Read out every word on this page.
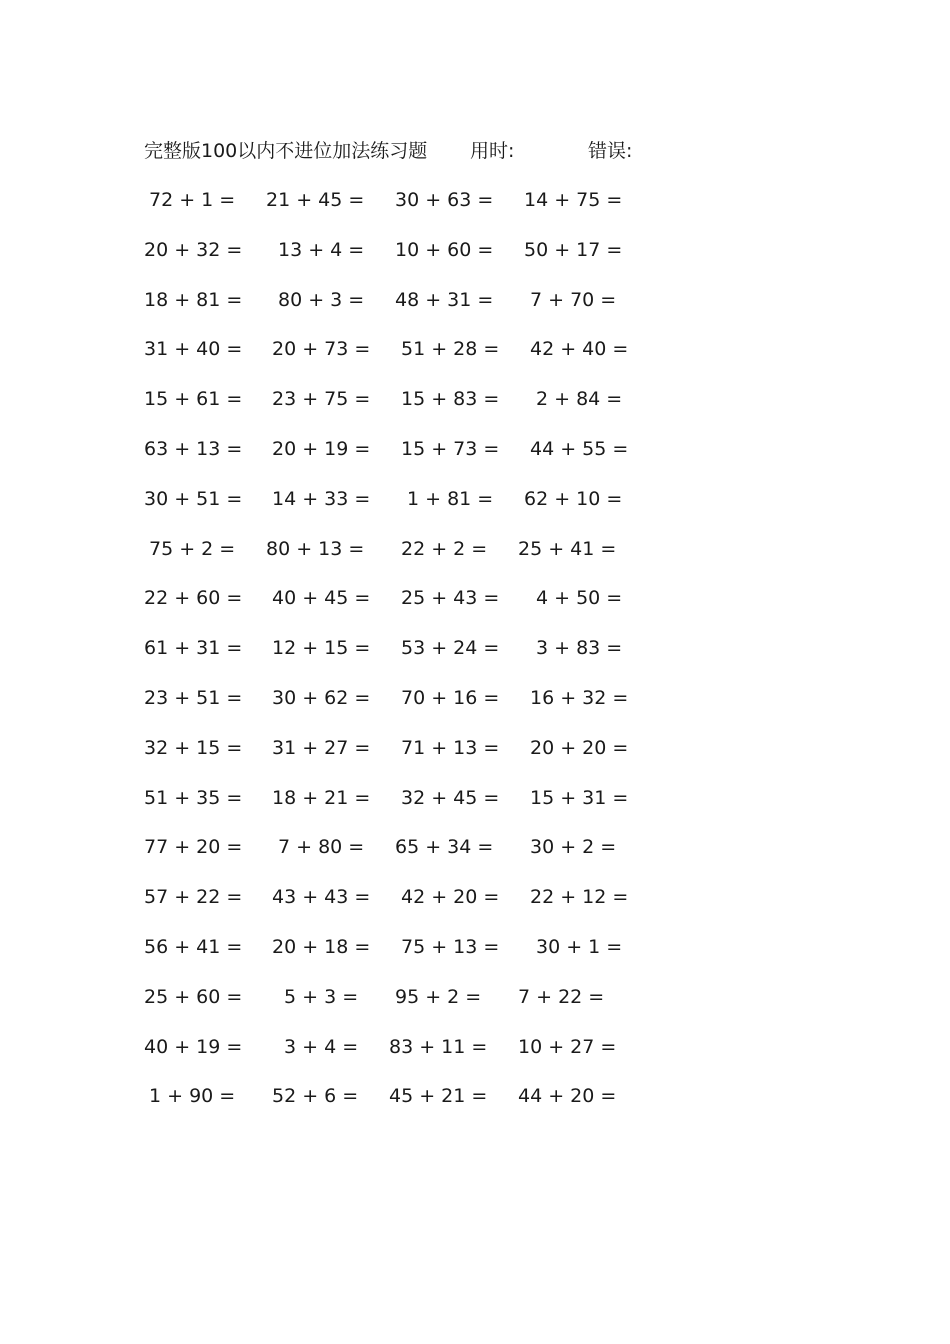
完整版100以内不进位加法练习题 用时:	错误:
72 + 1 =	21 + 45 = 30 + 63 = 14 + 75 =
20 + 32 = 13 + 4 =	10 + 60 = 50 + 17 =
18 + 81 = 80 + 3 =	48 + 31 = 7 + 70 =
31 + 40 = 20 + 73 = 51 + 28 = 42 + 40 =
15 + 61 = 23 + 75 = 15 + 83 = 2 + 84 =
63 + 13 = 20 + 19 = 15 + 73 = 44 + 55 =
30 + 51 = 14 + 33 = 1 + 81 =	62 + 10 =
75 + 2 =	80 + 13 = 22 + 2 =	25 + 41 =
22 + 60 = 40 + 45 = 25 + 43 = 4 + 50 =
61 + 31 = 12 + 15 = 53 + 24 = 3 + 83 =
23 + 51 = 30 + 62 = 70 + 16 = 16 + 32 =
32 + 15 = 31 + 27 = 71 + 13 = 20 + 20 =
51 + 35 = 18 + 21 = 32 + 45 = 15 + 31 =
77 + 20 = 7 + 80 =	65 + 34 = 30 + 2 =
57 + 22 = 43 + 43 = 42 + 20 = 22 + 12 =
56 + 41 = 20 + 18 = 75 + 13 = 30 + 1 =
25 + 60 = 5 + 3 =	95 + 2 =	7 + 22 =
40 + 19 = 3 + 4 =	83 + 11 = 10 + 27 =
1 + 90 =	52 + 6 =	45 + 21 = 44 + 20 =
